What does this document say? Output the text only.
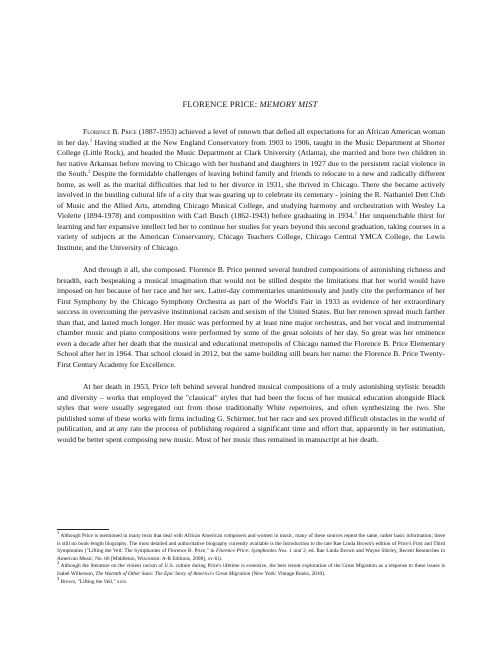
FLORENCE PRICE: MEMORY MIST

Florence B. Price (1887-1953) achieved a level of renown that defied all expectations for an African American woman in her day.$^1$ Having studied at the New England Conservatory from 1903 to 1906, taught in the Music Department at Shorter College (Little Rock), and headed the Music Department at Clark University (Atlanta), she married and bore two children in her native Arkansas before moving to Chicago with her husband and daughters in 1927 due to the persistent racial violence in the South.$^2$ Despite the formidable challenges of leaving behind family and friends to relocate to a new and radically different home, as well as the marital difficulties that led to her divorce in 1931, she thrived in Chicago. There she became actively involved in the bustling cultural life of a city that was gearing up to celebrate its centenary - joining the R. Nathaniel Dett Club of Music and the Allied Arts, attending Chicago Musical College, and studying harmony and orchestration with Wesley La Violette (1894-1978) and composition with Carl Busch (1862-1943) before graduating in 1934.$^3$ Her unquenchable thirst for learning and her expansive intellect led her to continue her studies for years beyond this second graduation, taking courses in a variety of subjects at the American Conservatory, Chicago Teachers College, Chicago Central YMCA College, the Lewis Institute, and the University of Chicago.

And through it all, she composed. Florence B. Price penned several hundred compositions of astonishing richness and breadth, each bespeaking a musical imagination that would not be stilled despite the limitations that her world would have imposed on her because of her race and her sex. Latter-day commentaries unanimously and justly cite the performance of her First Symphony by the Chicago Symphony Orchestra as part of the World's Fair in 1933 as evidence of her extraordinary success in overcoming the pervasive institutional racism and sexism of the United States. But her renown spread much farther than that, and lasted much longer. Her music was performed by at least nine major orchestras, and her vocal and instrumental chamber music and piano compositions were performed by some of the great soloists of her day. So great was her eminence even a decade after her death that the musical and educational metropolis of Chicago named the Florence B. Price Elementary School after her in 1964. That school closed in 2012, but the same building still bears her name: the Florence B. Price Twenty-First Century Academy for Excellence.

At her death in 1953, Price left behind several hundred musical compositions of a truly astonishing stylistic breadth and diversity – works that employed the "classical" styles that had been the focus of her musical education alongside Black styles that were usually segregated out from those traditionally White repertoires, and often synthesizing the two. She published some of these works with firms including G. Schirmer, but her race and sex proved difficult obstacles in the world of publication, and at any rate the process of publishing required a significant time and effort that, apparently in her estimation, would be better spent composing new music. Most of her music thus remained in manuscript at her death.

$^1$ Although Price is mentioned in many texts that deal with African American composers and women in music, many of these sources repeat the same, rather basic information; there is still no book-length biography. The most detailed and authoritative biography currently available is the Introduction to the late Rae Linda Brown's edition of Price's First and Third Symphonies ("Lifting the Veil: The Symphonies of Florence B. Price," in Florence Price: Symphonies Nos. 1 and 3, ed. Rae Linda Brown and Wayne Shirley, Recent Researches in American Music, No. 66 [Middleton, Wisconsin: A-R Editions, 2008], xv-lii).

$^2$ Although the literature on the violent racism of U.S. culture during Price's lifetime is extensive, the best recent exploration of the Great Migration as a response to these issues is Isabel Wilkerson, The Warmth of Other Suns: The Epic Story of America's Great Migration (New York: Vintage Books, 2010).

$^3$ Brown, "Lifting the Veil," xxiv.
